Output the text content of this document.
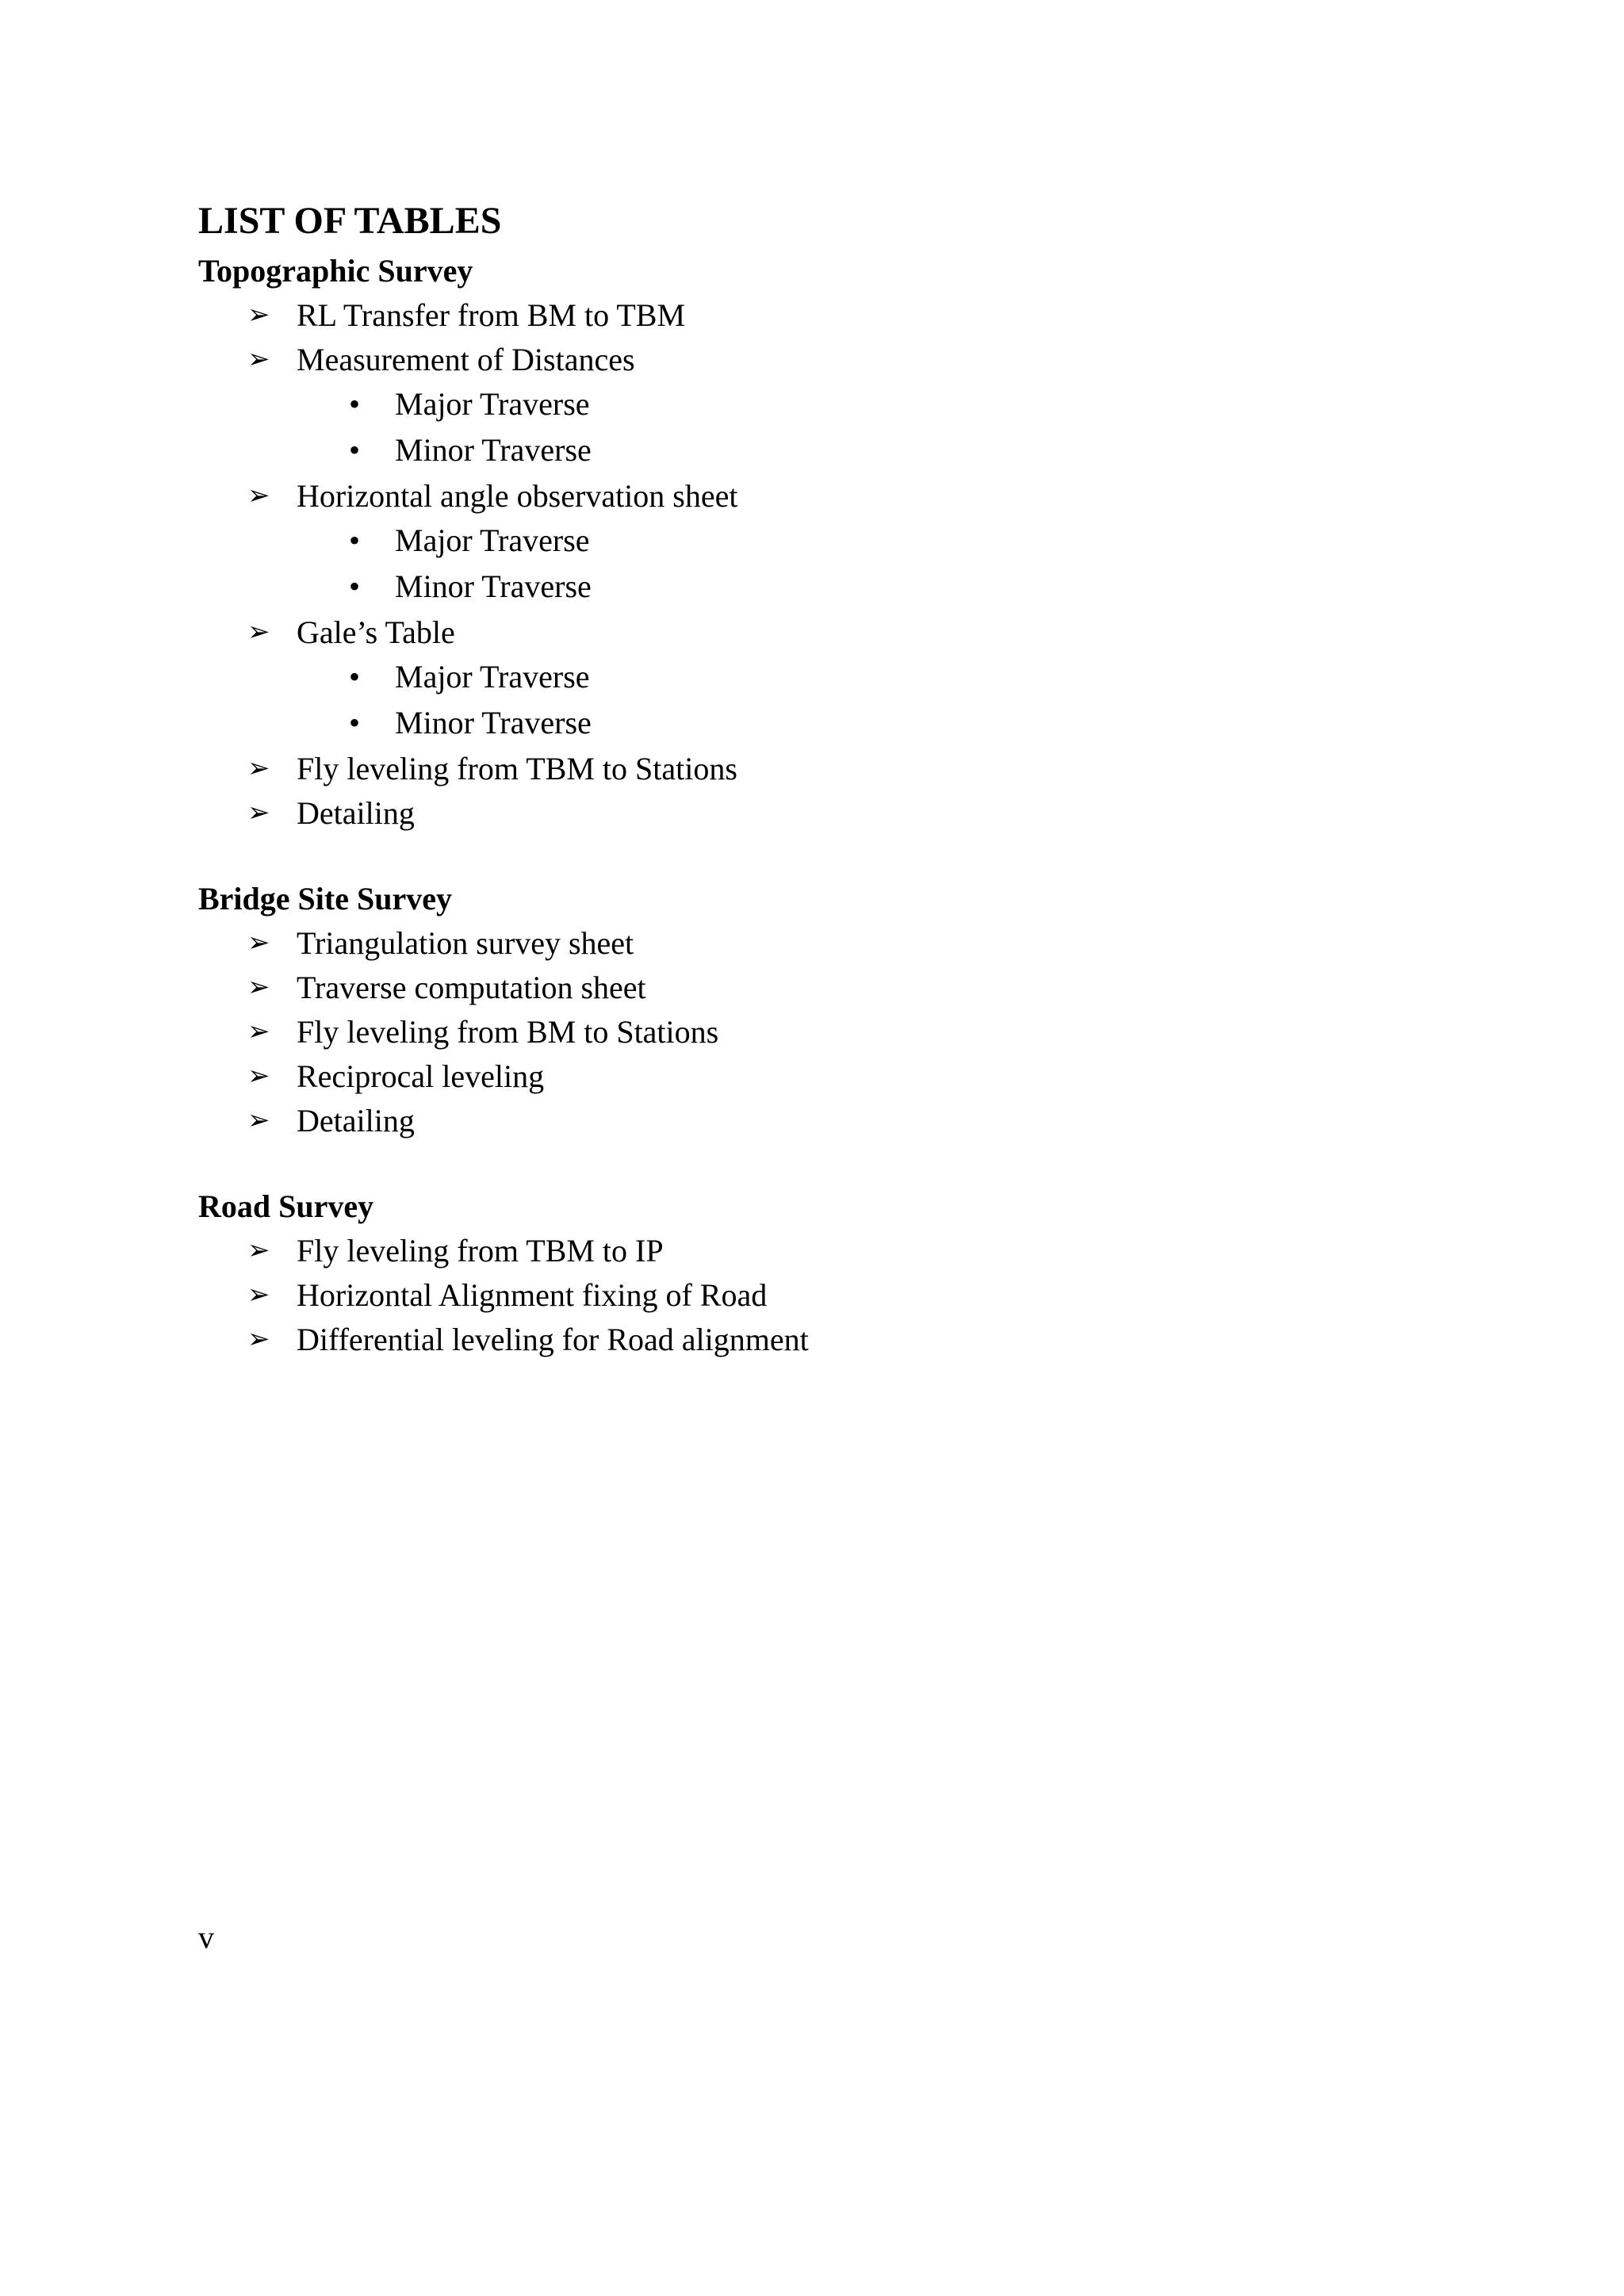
LIST OF TABLES
Topographic Survey
➢ RL Transfer from BM to TBM
➢ Measurement of Distances
• Major Traverse
• Minor Traverse
➢ Horizontal angle observation sheet
• Major Traverse
• Minor Traverse
➢ Gale’s Table
• Major Traverse
• Minor Traverse
➢ Fly leveling from TBM to Stations
➢ Detailing
Bridge Site Survey
➢ Triangulation survey sheet
➢ Traverse computation sheet
➢ Fly leveling from BM to Stations
➢ Reciprocal leveling
➢ Detailing
Road Survey
➢ Fly leveling from TBM to IP
➢ Horizontal Alignment fixing of Road
➢ Differential leveling for Road alignment
v
